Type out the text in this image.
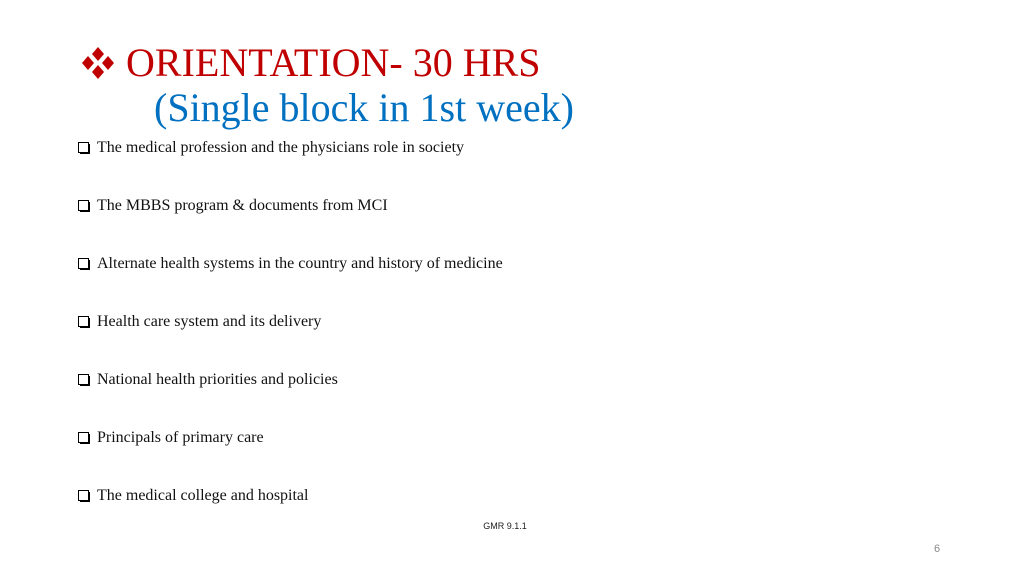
ORIENTATION- 30 HRS
(Single block in 1st week)
The medical profession and the physicians role in society
The MBBS program & documents from MCI
Alternate health systems in the country and history of medicine
Health care system and its delivery
National health priorities and policies
Principals of primary care
The medical college and hospital
GMR 9.1.1
6
